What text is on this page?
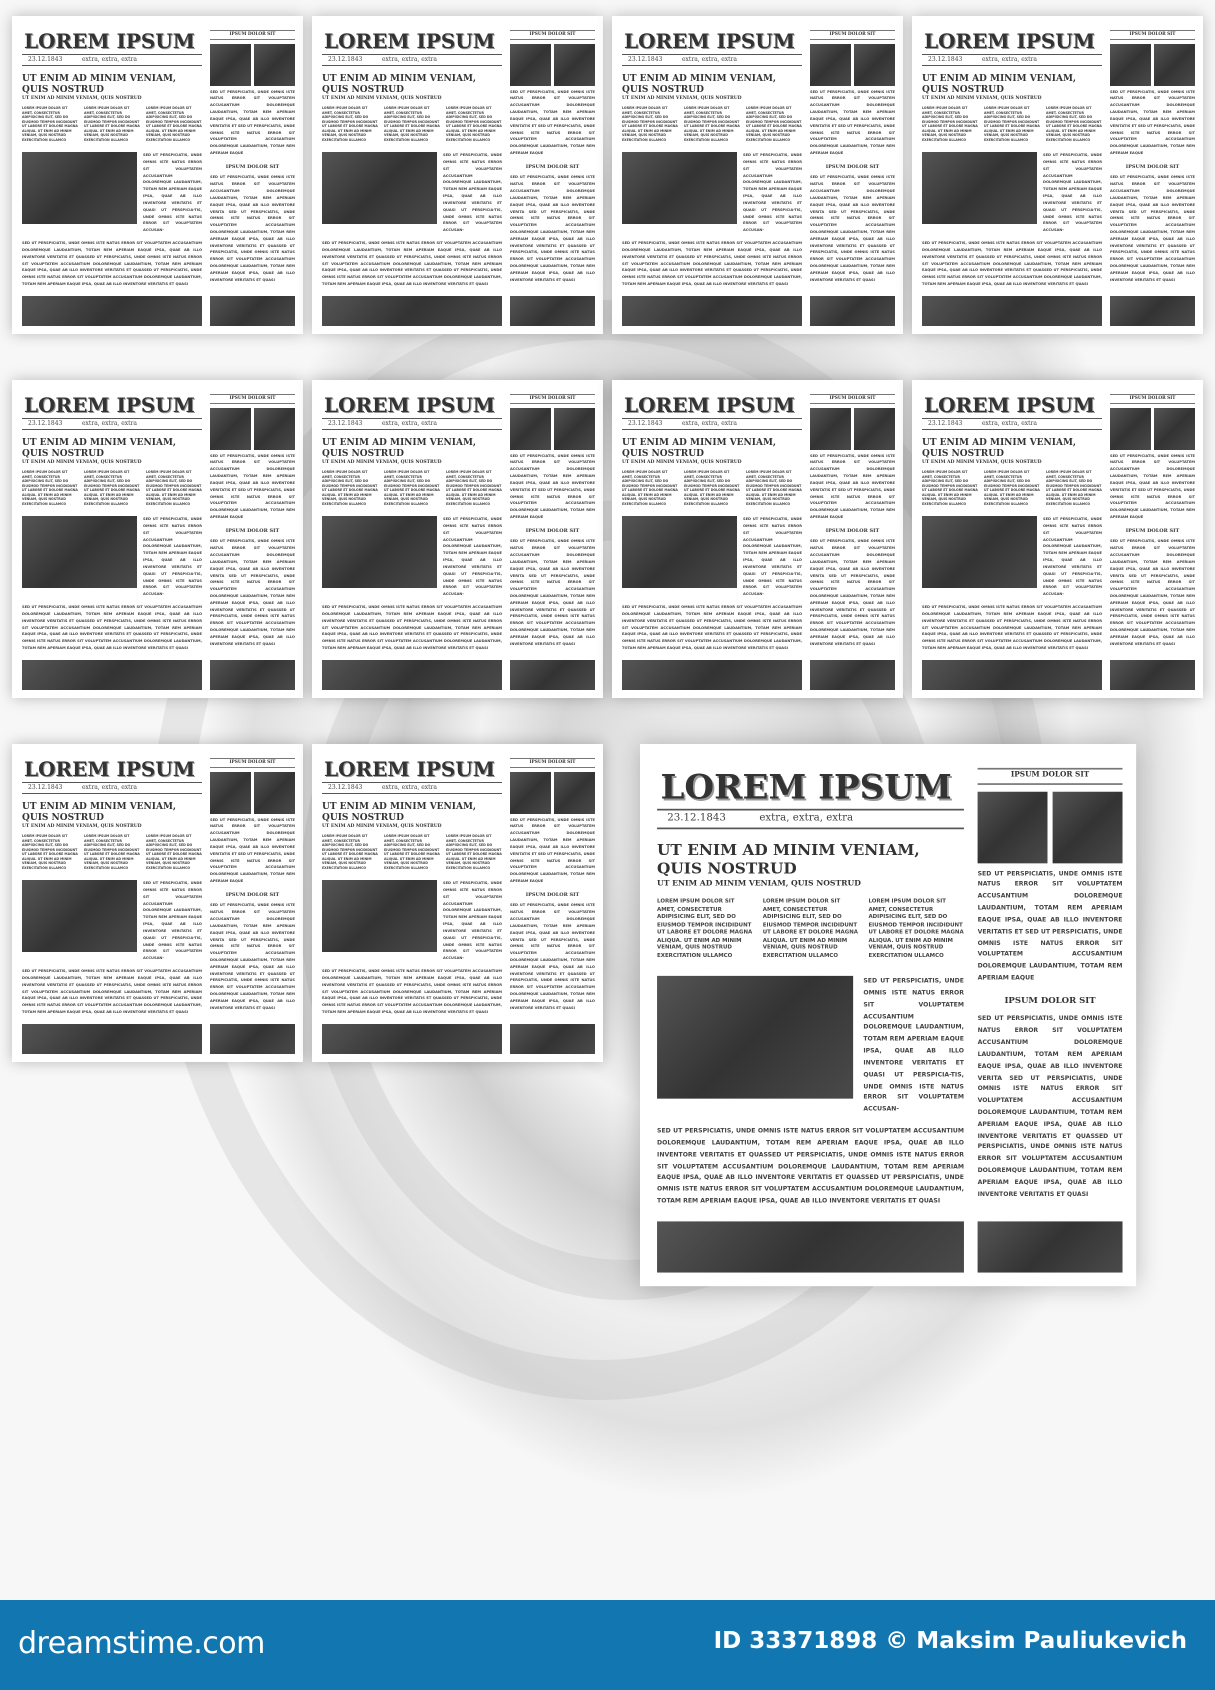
LOREM IPSUM
23.12.1843	extra, extra, extra
UT ENIM AD MINIM VENIAM, QUIS NOSTRUD
UT ENIM AD MINIM VENIAM, QUIS NOSTRUD

LOREM IPSUM DOLOR SIT AMET, CONSECTETUR ADIPISICING ELIT, SED DO EIUSMOD TEMPOR INCIDIDUNT UT LABORE ET DOLORE MAGNA ALIQUA. UT ENIM AD MINIM VENIAM, QUIS NOSTRUD EXERCITATION ULLAMCO

LOREM IPSUM DOLOR SIT AMET, CONSECTETUR ADIPISICING ELIT, SED DO EIUSMOD TEMPOR INCIDIDUNT UT LABORE ET DOLORE MAGNA ALIQUA. UT ENIM AD MINIM VENIAM, QUIS NOSTRUD EXERCITATION ULLAMCO

LOREM IPSUM DOLOR SIT AMET, CONSECTETUR ADIPISICING ELIT, SED DO EIUSMOD TEMPOR INCIDIDUNT UT LABORE ET DOLORE MAGNA ALIQUA. UT ENIM AD MINIM VENIAM, QUIS NOSTRUD EXERCITATION ULLAMCO

SED UT PERSPICIATIS, UNDE OMNIS ISTE NATUS ERROR SIT VOLUPTATEM ACCUSANTIUM DOLOREMQUE LAUDANTIUM, TOTAM REM APERIAM EAQUE IPSA, QUAE AB ILLO INVENTORE VERITATIS ET QUASI UT PERSPICIA-TIS, UNDE OMNIS ISTE NATUS ERROR SIT VOLUPTATEM ACCUSAN-
SED UT PERSPICIATIS, UNDE OMNIS ISTE NATUS ERROR SIT VOLUPTATEM ACCUSANTIUM DOLOREMQUE LAUDANTIUM, TOTAM REM APERIAM EAQUE IPSA, QUAE AB ILLO INVENTORE VERITATIS ET QUASSED UT PERSPICIATIS, UNDE OMNIS ISTE NATUS ERROR SIT VOLUPTATEM ACCUSANTIUM DOLOREMQUE LAUDANTIUM, TOTAM REM APERIAM EAQUE IPSA, QUAE AB ILLO INVENTORE VERITATIS ET QUASSED UT PERSPICIATIS, UNDE OMNIS ISTE NATUS ERROR SIT VOLUPTATEM ACCUSANTIUM DOLOREMQUE LAUDANTIUM, TOTAM REM APERIAM EAQUE IPSA, QUAE AB ILLO INVENTORE VERITATIS ET QUASI
IPSUM DOLOR SIT
SED UT PERSPICIATIS, UNDE OMNIS ISTE NATUS ERROR SIT VOLUPTATEM ACCUSANTIUM DOLOREMQUE LAUDANTIUM, TOTAM REM APERIAM EAQUE IPSA, QUAE AB ILLO INVENTORE VERITATIS ET SED UT PERSPICIATIS, UNDE OMNIS ISTE NATUS ERROR SIT VOLUPTATEM ACCUSANTIUM DOLOREMQUE LAUDANTIUM, TOTAM REM APERIAM EAQUE
IPSUM DOLOR SIT
SED UT PERSPICIATIS, UNDE OMNIS ISTE NATUS ERROR SIT VOLUPTATEM ACCUSANTIUM DOLOREMQUE LAUDANTIUM, TOTAM REM APERIAM EAQUE IPSA, QUAE AB ILLO INVENTORE VERITA SED UT PERSPICIATIS, UNDE OMNIS ISTE NATUS ERROR SIT VOLUPTATEM ACCUSANTIUM DOLOREMQUE LAUDANTIUM, TOTAM REM APERIAM EAQUE IPSA, QUAE AB ILLO INVENTORE VERITATIS ET QUASSED UT PERSPICIATIS, UNDE OMNIS ISTE NATUS ERROR SIT VOLUPTATEM ACCUSANTIUM DOLOREMQUE LAUDANTIUM, TOTAM REM APERIAM EAQUE IPSA, QUAE AB ILLO INVENTORE VERITATIS ET QUASI
LOREM IPSUM
23.12.1843	extra, extra, extra
UT ENIM AD MINIM VENIAM, QUIS NOSTRUD
UT ENIM AD MINIM VENIAM, QUIS NOSTRUD

LOREM IPSUM DOLOR SIT AMET, CONSECTETUR ADIPISICING ELIT, SED DO EIUSMOD TEMPOR INCIDIDUNT UT LABORE ET DOLORE MAGNA ALIQUA. UT ENIM AD MINIM VENIAM, QUIS NOSTRUD EXERCITATION ULLAMCO

LOREM IPSUM DOLOR SIT AMET, CONSECTETUR ADIPISICING ELIT, SED DO EIUSMOD TEMPOR INCIDIDUNT UT LABORE ET DOLORE MAGNA ALIQUA. UT ENIM AD MINIM VENIAM, QUIS NOSTRUD EXERCITATION ULLAMCO

LOREM IPSUM DOLOR SIT AMET, CONSECTETUR ADIPISICING ELIT, SED DO EIUSMOD TEMPOR INCIDIDUNT UT LABORE ET DOLORE MAGNA ALIQUA. UT ENIM AD MINIM VENIAM, QUIS NOSTRUD EXERCITATION ULLAMCO

SED UT PERSPICIATIS, UNDE OMNIS ISTE NATUS ERROR SIT VOLUPTATEM ACCUSANTIUM DOLOREMQUE LAUDANTIUM, TOTAM REM APERIAM EAQUE IPSA, QUAE AB ILLO INVENTORE VERITATIS ET QUASI UT PERSPICIA-TIS, UNDE OMNIS ISTE NATUS ERROR SIT VOLUPTATEM ACCUSAN-
SED UT PERSPICIATIS, UNDE OMNIS ISTE NATUS ERROR SIT VOLUPTATEM ACCUSANTIUM DOLOREMQUE LAUDANTIUM, TOTAM REM APERIAM EAQUE IPSA, QUAE AB ILLO INVENTORE VERITATIS ET QUASSED UT PERSPICIATIS, UNDE OMNIS ISTE NATUS ERROR SIT VOLUPTATEM ACCUSANTIUM DOLOREMQUE LAUDANTIUM, TOTAM REM APERIAM EAQUE IPSA, QUAE AB ILLO INVENTORE VERITATIS ET QUASSED UT PERSPICIATIS, UNDE OMNIS ISTE NATUS ERROR SIT VOLUPTATEM ACCUSANTIUM DOLOREMQUE LAUDANTIUM, TOTAM REM APERIAM EAQUE IPSA, QUAE AB ILLO INVENTORE VERITATIS ET QUASI
IPSUM DOLOR SIT
SED UT PERSPICIATIS, UNDE OMNIS ISTE NATUS ERROR SIT VOLUPTATEM ACCUSANTIUM DOLOREMQUE LAUDANTIUM, TOTAM REM APERIAM EAQUE IPSA, QUAE AB ILLO INVENTORE VERITATIS ET SED UT PERSPICIATIS, UNDE OMNIS ISTE NATUS ERROR SIT VOLUPTATEM ACCUSANTIUM DOLOREMQUE LAUDANTIUM, TOTAM REM APERIAM EAQUE
IPSUM DOLOR SIT
SED UT PERSPICIATIS, UNDE OMNIS ISTE NATUS ERROR SIT VOLUPTATEM ACCUSANTIUM DOLOREMQUE LAUDANTIUM, TOTAM REM APERIAM EAQUE IPSA, QUAE AB ILLO INVENTORE VERITA SED UT PERSPICIATIS, UNDE OMNIS ISTE NATUS ERROR SIT VOLUPTATEM ACCUSANTIUM DOLOREMQUE LAUDANTIUM, TOTAM REM APERIAM EAQUE IPSA, QUAE AB ILLO INVENTORE VERITATIS ET QUASSED UT PERSPICIATIS, UNDE OMNIS ISTE NATUS ERROR SIT VOLUPTATEM ACCUSANTIUM DOLOREMQUE LAUDANTIUM, TOTAM REM APERIAM EAQUE IPSA, QUAE AB ILLO INVENTORE VERITATIS ET QUASI
LOREM IPSUM
23.12.1843	extra, extra, extra
UT ENIM AD MINIM VENIAM, QUIS NOSTRUD
UT ENIM AD MINIM VENIAM, QUIS NOSTRUD

LOREM IPSUM DOLOR SIT AMET, CONSECTETUR ADIPISICING ELIT, SED DO EIUSMOD TEMPOR INCIDIDUNT UT LABORE ET DOLORE MAGNA ALIQUA. UT ENIM AD MINIM VENIAM, QUIS NOSTRUD EXERCITATION ULLAMCO

LOREM IPSUM DOLOR SIT AMET, CONSECTETUR ADIPISICING ELIT, SED DO EIUSMOD TEMPOR INCIDIDUNT UT LABORE ET DOLORE MAGNA ALIQUA. UT ENIM AD MINIM VENIAM, QUIS NOSTRUD EXERCITATION ULLAMCO

LOREM IPSUM DOLOR SIT AMET, CONSECTETUR ADIPISICING ELIT, SED DO EIUSMOD TEMPOR INCIDIDUNT UT LABORE ET DOLORE MAGNA ALIQUA. UT ENIM AD MINIM VENIAM, QUIS NOSTRUD EXERCITATION ULLAMCO

SED UT PERSPICIATIS, UNDE OMNIS ISTE NATUS ERROR SIT VOLUPTATEM ACCUSANTIUM DOLOREMQUE LAUDANTIUM, TOTAM REM APERIAM EAQUE IPSA, QUAE AB ILLO INVENTORE VERITATIS ET QUASI UT PERSPICIA-TIS, UNDE OMNIS ISTE NATUS ERROR SIT VOLUPTATEM ACCUSAN-
SED UT PERSPICIATIS, UNDE OMNIS ISTE NATUS ERROR SIT VOLUPTATEM ACCUSANTIUM DOLOREMQUE LAUDANTIUM, TOTAM REM APERIAM EAQUE IPSA, QUAE AB ILLO INVENTORE VERITATIS ET QUASSED UT PERSPICIATIS, UNDE OMNIS ISTE NATUS ERROR SIT VOLUPTATEM ACCUSANTIUM DOLOREMQUE LAUDANTIUM, TOTAM REM APERIAM EAQUE IPSA, QUAE AB ILLO INVENTORE VERITATIS ET QUASSED UT PERSPICIATIS, UNDE OMNIS ISTE NATUS ERROR SIT VOLUPTATEM ACCUSANTIUM DOLOREMQUE LAUDANTIUM, TOTAM REM APERIAM EAQUE IPSA, QUAE AB ILLO INVENTORE VERITATIS ET QUASI
IPSUM DOLOR SIT
SED UT PERSPICIATIS, UNDE OMNIS ISTE NATUS ERROR SIT VOLUPTATEM ACCUSANTIUM DOLOREMQUE LAUDANTIUM, TOTAM REM APERIAM EAQUE IPSA, QUAE AB ILLO INVENTORE VERITATIS ET SED UT PERSPICIATIS, UNDE OMNIS ISTE NATUS ERROR SIT VOLUPTATEM ACCUSANTIUM DOLOREMQUE LAUDANTIUM, TOTAM REM APERIAM EAQUE
IPSUM DOLOR SIT
SED UT PERSPICIATIS, UNDE OMNIS ISTE NATUS ERROR SIT VOLUPTATEM ACCUSANTIUM DOLOREMQUE LAUDANTIUM, TOTAM REM APERIAM EAQUE IPSA, QUAE AB ILLO INVENTORE VERITA SED UT PERSPICIATIS, UNDE OMNIS ISTE NATUS ERROR SIT VOLUPTATEM ACCUSANTIUM DOLOREMQUE LAUDANTIUM, TOTAM REM APERIAM EAQUE IPSA, QUAE AB ILLO INVENTORE VERITATIS ET QUASSED UT PERSPICIATIS, UNDE OMNIS ISTE NATUS ERROR SIT VOLUPTATEM ACCUSANTIUM DOLOREMQUE LAUDANTIUM, TOTAM REM APERIAM EAQUE IPSA, QUAE AB ILLO INVENTORE VERITATIS ET QUASI
LOREM IPSUM
23.12.1843	extra, extra, extra
UT ENIM AD MINIM VENIAM, QUIS NOSTRUD
UT ENIM AD MINIM VENIAM, QUIS NOSTRUD

LOREM IPSUM DOLOR SIT AMET, CONSECTETUR ADIPISICING ELIT, SED DO EIUSMOD TEMPOR INCIDIDUNT UT LABORE ET DOLORE MAGNA ALIQUA. UT ENIM AD MINIM VENIAM, QUIS NOSTRUD EXERCITATION ULLAMCO

LOREM IPSUM DOLOR SIT AMET, CONSECTETUR ADIPISICING ELIT, SED DO EIUSMOD TEMPOR INCIDIDUNT UT LABORE ET DOLORE MAGNA ALIQUA. UT ENIM AD MINIM VENIAM, QUIS NOSTRUD EXERCITATION ULLAMCO

LOREM IPSUM DOLOR SIT AMET, CONSECTETUR ADIPISICING ELIT, SED DO EIUSMOD TEMPOR INCIDIDUNT UT LABORE ET DOLORE MAGNA ALIQUA. UT ENIM AD MINIM VENIAM, QUIS NOSTRUD EXERCITATION ULLAMCO

SED UT PERSPICIATIS, UNDE OMNIS ISTE NATUS ERROR SIT VOLUPTATEM ACCUSANTIUM DOLOREMQUE LAUDANTIUM, TOTAM REM APERIAM EAQUE IPSA, QUAE AB ILLO INVENTORE VERITATIS ET QUASI UT PERSPICIA-TIS, UNDE OMNIS ISTE NATUS ERROR SIT VOLUPTATEM ACCUSAN-
SED UT PERSPICIATIS, UNDE OMNIS ISTE NATUS ERROR SIT VOLUPTATEM ACCUSANTIUM DOLOREMQUE LAUDANTIUM, TOTAM REM APERIAM EAQUE IPSA, QUAE AB ILLO INVENTORE VERITATIS ET QUASSED UT PERSPICIATIS, UNDE OMNIS ISTE NATUS ERROR SIT VOLUPTATEM ACCUSANTIUM DOLOREMQUE LAUDANTIUM, TOTAM REM APERIAM EAQUE IPSA, QUAE AB ILLO INVENTORE VERITATIS ET QUASSED UT PERSPICIATIS, UNDE OMNIS ISTE NATUS ERROR SIT VOLUPTATEM ACCUSANTIUM DOLOREMQUE LAUDANTIUM, TOTAM REM APERIAM EAQUE IPSA, QUAE AB ILLO INVENTORE VERITATIS ET QUASI
IPSUM DOLOR SIT
SED UT PERSPICIATIS, UNDE OMNIS ISTE NATUS ERROR SIT VOLUPTATEM ACCUSANTIUM DOLOREMQUE LAUDANTIUM, TOTAM REM APERIAM EAQUE IPSA, QUAE AB ILLO INVENTORE VERITATIS ET SED UT PERSPICIATIS, UNDE OMNIS ISTE NATUS ERROR SIT VOLUPTATEM ACCUSANTIUM DOLOREMQUE LAUDANTIUM, TOTAM REM APERIAM EAQUE
IPSUM DOLOR SIT
SED UT PERSPICIATIS, UNDE OMNIS ISTE NATUS ERROR SIT VOLUPTATEM ACCUSANTIUM DOLOREMQUE LAUDANTIUM, TOTAM REM APERIAM EAQUE IPSA, QUAE AB ILLO INVENTORE VERITA SED UT PERSPICIATIS, UNDE OMNIS ISTE NATUS ERROR SIT VOLUPTATEM ACCUSANTIUM DOLOREMQUE LAUDANTIUM, TOTAM REM APERIAM EAQUE IPSA, QUAE AB ILLO INVENTORE VERITATIS ET QUASSED UT PERSPICIATIS, UNDE OMNIS ISTE NATUS ERROR SIT VOLUPTATEM ACCUSANTIUM DOLOREMQUE LAUDANTIUM, TOTAM REM APERIAM EAQUE IPSA, QUAE AB ILLO INVENTORE VERITATIS ET QUASI
LOREM IPSUM
23.12.1843	extra, extra, extra
UT ENIM AD MINIM VENIAM, QUIS NOSTRUD
UT ENIM AD MINIM VENIAM, QUIS NOSTRUD

LOREM IPSUM DOLOR SIT AMET, CONSECTETUR ADIPISICING ELIT, SED DO EIUSMOD TEMPOR INCIDIDUNT UT LABORE ET DOLORE MAGNA ALIQUA. UT ENIM AD MINIM VENIAM, QUIS NOSTRUD EXERCITATION ULLAMCO

LOREM IPSUM DOLOR SIT AMET, CONSECTETUR ADIPISICING ELIT, SED DO EIUSMOD TEMPOR INCIDIDUNT UT LABORE ET DOLORE MAGNA ALIQUA. UT ENIM AD MINIM VENIAM, QUIS NOSTRUD EXERCITATION ULLAMCO

LOREM IPSUM DOLOR SIT AMET, CONSECTETUR ADIPISICING ELIT, SED DO EIUSMOD TEMPOR INCIDIDUNT UT LABORE ET DOLORE MAGNA ALIQUA. UT ENIM AD MINIM VENIAM, QUIS NOSTRUD EXERCITATION ULLAMCO

SED UT PERSPICIATIS, UNDE OMNIS ISTE NATUS ERROR SIT VOLUPTATEM ACCUSANTIUM DOLOREMQUE LAUDANTIUM, TOTAM REM APERIAM EAQUE IPSA, QUAE AB ILLO INVENTORE VERITATIS ET QUASI UT PERSPICIA-TIS, UNDE OMNIS ISTE NATUS ERROR SIT VOLUPTATEM ACCUSAN-
SED UT PERSPICIATIS, UNDE OMNIS ISTE NATUS ERROR SIT VOLUPTATEM ACCUSANTIUM DOLOREMQUE LAUDANTIUM, TOTAM REM APERIAM EAQUE IPSA, QUAE AB ILLO INVENTORE VERITATIS ET QUASSED UT PERSPICIATIS, UNDE OMNIS ISTE NATUS ERROR SIT VOLUPTATEM ACCUSANTIUM DOLOREMQUE LAUDANTIUM, TOTAM REM APERIAM EAQUE IPSA, QUAE AB ILLO INVENTORE VERITATIS ET QUASSED UT PERSPICIATIS, UNDE OMNIS ISTE NATUS ERROR SIT VOLUPTATEM ACCUSANTIUM DOLOREMQUE LAUDANTIUM, TOTAM REM APERIAM EAQUE IPSA, QUAE AB ILLO INVENTORE VERITATIS ET QUASI
IPSUM DOLOR SIT
SED UT PERSPICIATIS, UNDE OMNIS ISTE NATUS ERROR SIT VOLUPTATEM ACCUSANTIUM DOLOREMQUE LAUDANTIUM, TOTAM REM APERIAM EAQUE IPSA, QUAE AB ILLO INVENTORE VERITATIS ET SED UT PERSPICIATIS, UNDE OMNIS ISTE NATUS ERROR SIT VOLUPTATEM ACCUSANTIUM DOLOREMQUE LAUDANTIUM, TOTAM REM APERIAM EAQUE
IPSUM DOLOR SIT
SED UT PERSPICIATIS, UNDE OMNIS ISTE NATUS ERROR SIT VOLUPTATEM ACCUSANTIUM DOLOREMQUE LAUDANTIUM, TOTAM REM APERIAM EAQUE IPSA, QUAE AB ILLO INVENTORE VERITA SED UT PERSPICIATIS, UNDE OMNIS ISTE NATUS ERROR SIT VOLUPTATEM ACCUSANTIUM DOLOREMQUE LAUDANTIUM, TOTAM REM APERIAM EAQUE IPSA, QUAE AB ILLO INVENTORE VERITATIS ET QUASSED UT PERSPICIATIS, UNDE OMNIS ISTE NATUS ERROR SIT VOLUPTATEM ACCUSANTIUM DOLOREMQUE LAUDANTIUM, TOTAM REM APERIAM EAQUE IPSA, QUAE AB ILLO INVENTORE VERITATIS ET QUASI
LOREM IPSUM
23.12.1843	extra, extra, extra
UT ENIM AD MINIM VENIAM, QUIS NOSTRUD
UT ENIM AD MINIM VENIAM, QUIS NOSTRUD

LOREM IPSUM DOLOR SIT AMET, CONSECTETUR ADIPISICING ELIT, SED DO EIUSMOD TEMPOR INCIDIDUNT UT LABORE ET DOLORE MAGNA ALIQUA. UT ENIM AD MINIM VENIAM, QUIS NOSTRUD EXERCITATION ULLAMCO

LOREM IPSUM DOLOR SIT AMET, CONSECTETUR ADIPISICING ELIT, SED DO EIUSMOD TEMPOR INCIDIDUNT UT LABORE ET DOLORE MAGNA ALIQUA. UT ENIM AD MINIM VENIAM, QUIS NOSTRUD EXERCITATION ULLAMCO

LOREM IPSUM DOLOR SIT AMET, CONSECTETUR ADIPISICING ELIT, SED DO EIUSMOD TEMPOR INCIDIDUNT UT LABORE ET DOLORE MAGNA ALIQUA. UT ENIM AD MINIM VENIAM, QUIS NOSTRUD EXERCITATION ULLAMCO

SED UT PERSPICIATIS, UNDE OMNIS ISTE NATUS ERROR SIT VOLUPTATEM ACCUSANTIUM DOLOREMQUE LAUDANTIUM, TOTAM REM APERIAM EAQUE IPSA, QUAE AB ILLO INVENTORE VERITATIS ET QUASI UT PERSPICIA-TIS, UNDE OMNIS ISTE NATUS ERROR SIT VOLUPTATEM ACCUSAN-
SED UT PERSPICIATIS, UNDE OMNIS ISTE NATUS ERROR SIT VOLUPTATEM ACCUSANTIUM DOLOREMQUE LAUDANTIUM, TOTAM REM APERIAM EAQUE IPSA, QUAE AB ILLO INVENTORE VERITATIS ET QUASSED UT PERSPICIATIS, UNDE OMNIS ISTE NATUS ERROR SIT VOLUPTATEM ACCUSANTIUM DOLOREMQUE LAUDANTIUM, TOTAM REM APERIAM EAQUE IPSA, QUAE AB ILLO INVENTORE VERITATIS ET QUASSED UT PERSPICIATIS, UNDE OMNIS ISTE NATUS ERROR SIT VOLUPTATEM ACCUSANTIUM DOLOREMQUE LAUDANTIUM, TOTAM REM APERIAM EAQUE IPSA, QUAE AB ILLO INVENTORE VERITATIS ET QUASI
IPSUM DOLOR SIT
SED UT PERSPICIATIS, UNDE OMNIS ISTE NATUS ERROR SIT VOLUPTATEM ACCUSANTIUM DOLOREMQUE LAUDANTIUM, TOTAM REM APERIAM EAQUE IPSA, QUAE AB ILLO INVENTORE VERITATIS ET SED UT PERSPICIATIS, UNDE OMNIS ISTE NATUS ERROR SIT VOLUPTATEM ACCUSANTIUM DOLOREMQUE LAUDANTIUM, TOTAM REM APERIAM EAQUE
IPSUM DOLOR SIT
SED UT PERSPICIATIS, UNDE OMNIS ISTE NATUS ERROR SIT VOLUPTATEM ACCUSANTIUM DOLOREMQUE LAUDANTIUM, TOTAM REM APERIAM EAQUE IPSA, QUAE AB ILLO INVENTORE VERITA SED UT PERSPICIATIS, UNDE OMNIS ISTE NATUS ERROR SIT VOLUPTATEM ACCUSANTIUM DOLOREMQUE LAUDANTIUM, TOTAM REM APERIAM EAQUE IPSA, QUAE AB ILLO INVENTORE VERITATIS ET QUASSED UT PERSPICIATIS, UNDE OMNIS ISTE NATUS ERROR SIT VOLUPTATEM ACCUSANTIUM DOLOREMQUE LAUDANTIUM, TOTAM REM APERIAM EAQUE IPSA, QUAE AB ILLO INVENTORE VERITATIS ET QUASI
LOREM IPSUM
23.12.1843	extra, extra, extra
UT ENIM AD MINIM VENIAM, QUIS NOSTRUD
UT ENIM AD MINIM VENIAM, QUIS NOSTRUD

LOREM IPSUM DOLOR SIT AMET, CONSECTETUR ADIPISICING ELIT, SED DO EIUSMOD TEMPOR INCIDIDUNT UT LABORE ET DOLORE MAGNA ALIQUA. UT ENIM AD MINIM VENIAM, QUIS NOSTRUD EXERCITATION ULLAMCO

LOREM IPSUM DOLOR SIT AMET, CONSECTETUR ADIPISICING ELIT, SED DO EIUSMOD TEMPOR INCIDIDUNT UT LABORE ET DOLORE MAGNA ALIQUA. UT ENIM AD MINIM VENIAM, QUIS NOSTRUD EXERCITATION ULLAMCO

LOREM IPSUM DOLOR SIT AMET, CONSECTETUR ADIPISICING ELIT, SED DO EIUSMOD TEMPOR INCIDIDUNT UT LABORE ET DOLORE MAGNA ALIQUA. UT ENIM AD MINIM VENIAM, QUIS NOSTRUD EXERCITATION ULLAMCO

SED UT PERSPICIATIS, UNDE OMNIS ISTE NATUS ERROR SIT VOLUPTATEM ACCUSANTIUM DOLOREMQUE LAUDANTIUM, TOTAM REM APERIAM EAQUE IPSA, QUAE AB ILLO INVENTORE VERITATIS ET QUASI UT PERSPICIA-TIS, UNDE OMNIS ISTE NATUS ERROR SIT VOLUPTATEM ACCUSAN-
SED UT PERSPICIATIS, UNDE OMNIS ISTE NATUS ERROR SIT VOLUPTATEM ACCUSANTIUM DOLOREMQUE LAUDANTIUM, TOTAM REM APERIAM EAQUE IPSA, QUAE AB ILLO INVENTORE VERITATIS ET QUASSED UT PERSPICIATIS, UNDE OMNIS ISTE NATUS ERROR SIT VOLUPTATEM ACCUSANTIUM DOLOREMQUE LAUDANTIUM, TOTAM REM APERIAM EAQUE IPSA, QUAE AB ILLO INVENTORE VERITATIS ET QUASSED UT PERSPICIATIS, UNDE OMNIS ISTE NATUS ERROR SIT VOLUPTATEM ACCUSANTIUM DOLOREMQUE LAUDANTIUM, TOTAM REM APERIAM EAQUE IPSA, QUAE AB ILLO INVENTORE VERITATIS ET QUASI
IPSUM DOLOR SIT
SED UT PERSPICIATIS, UNDE OMNIS ISTE NATUS ERROR SIT VOLUPTATEM ACCUSANTIUM DOLOREMQUE LAUDANTIUM, TOTAM REM APERIAM EAQUE IPSA, QUAE AB ILLO INVENTORE VERITATIS ET SED UT PERSPICIATIS, UNDE OMNIS ISTE NATUS ERROR SIT VOLUPTATEM ACCUSANTIUM DOLOREMQUE LAUDANTIUM, TOTAM REM APERIAM EAQUE
IPSUM DOLOR SIT
SED UT PERSPICIATIS, UNDE OMNIS ISTE NATUS ERROR SIT VOLUPTATEM ACCUSANTIUM DOLOREMQUE LAUDANTIUM, TOTAM REM APERIAM EAQUE IPSA, QUAE AB ILLO INVENTORE VERITA SED UT PERSPICIATIS, UNDE OMNIS ISTE NATUS ERROR SIT VOLUPTATEM ACCUSANTIUM DOLOREMQUE LAUDANTIUM, TOTAM REM APERIAM EAQUE IPSA, QUAE AB ILLO INVENTORE VERITATIS ET QUASSED UT PERSPICIATIS, UNDE OMNIS ISTE NATUS ERROR SIT VOLUPTATEM ACCUSANTIUM DOLOREMQUE LAUDANTIUM, TOTAM REM APERIAM EAQUE IPSA, QUAE AB ILLO INVENTORE VERITATIS ET QUASI
LOREM IPSUM
23.12.1843	extra, extra, extra
UT ENIM AD MINIM VENIAM, QUIS NOSTRUD
UT ENIM AD MINIM VENIAM, QUIS NOSTRUD

LOREM IPSUM DOLOR SIT AMET, CONSECTETUR ADIPISICING ELIT, SED DO EIUSMOD TEMPOR INCIDIDUNT UT LABORE ET DOLORE MAGNA ALIQUA. UT ENIM AD MINIM VENIAM, QUIS NOSTRUD EXERCITATION ULLAMCO

LOREM IPSUM DOLOR SIT AMET, CONSECTETUR ADIPISICING ELIT, SED DO EIUSMOD TEMPOR INCIDIDUNT UT LABORE ET DOLORE MAGNA ALIQUA. UT ENIM AD MINIM VENIAM, QUIS NOSTRUD EXERCITATION ULLAMCO

LOREM IPSUM DOLOR SIT AMET, CONSECTETUR ADIPISICING ELIT, SED DO EIUSMOD TEMPOR INCIDIDUNT UT LABORE ET DOLORE MAGNA ALIQUA. UT ENIM AD MINIM VENIAM, QUIS NOSTRUD EXERCITATION ULLAMCO

SED UT PERSPICIATIS, UNDE OMNIS ISTE NATUS ERROR SIT VOLUPTATEM ACCUSANTIUM DOLOREMQUE LAUDANTIUM, TOTAM REM APERIAM EAQUE IPSA, QUAE AB ILLO INVENTORE VERITATIS ET QUASI UT PERSPICIA-TIS, UNDE OMNIS ISTE NATUS ERROR SIT VOLUPTATEM ACCUSAN-
SED UT PERSPICIATIS, UNDE OMNIS ISTE NATUS ERROR SIT VOLUPTATEM ACCUSANTIUM DOLOREMQUE LAUDANTIUM, TOTAM REM APERIAM EAQUE IPSA, QUAE AB ILLO INVENTORE VERITATIS ET QUASSED UT PERSPICIATIS, UNDE OMNIS ISTE NATUS ERROR SIT VOLUPTATEM ACCUSANTIUM DOLOREMQUE LAUDANTIUM, TOTAM REM APERIAM EAQUE IPSA, QUAE AB ILLO INVENTORE VERITATIS ET QUASSED UT PERSPICIATIS, UNDE OMNIS ISTE NATUS ERROR SIT VOLUPTATEM ACCUSANTIUM DOLOREMQUE LAUDANTIUM, TOTAM REM APERIAM EAQUE IPSA, QUAE AB ILLO INVENTORE VERITATIS ET QUASI
IPSUM DOLOR SIT
SED UT PERSPICIATIS, UNDE OMNIS ISTE NATUS ERROR SIT VOLUPTATEM ACCUSANTIUM DOLOREMQUE LAUDANTIUM, TOTAM REM APERIAM EAQUE IPSA, QUAE AB ILLO INVENTORE VERITATIS ET SED UT PERSPICIATIS, UNDE OMNIS ISTE NATUS ERROR SIT VOLUPTATEM ACCUSANTIUM DOLOREMQUE LAUDANTIUM, TOTAM REM APERIAM EAQUE
IPSUM DOLOR SIT
SED UT PERSPICIATIS, UNDE OMNIS ISTE NATUS ERROR SIT VOLUPTATEM ACCUSANTIUM DOLOREMQUE LAUDANTIUM, TOTAM REM APERIAM EAQUE IPSA, QUAE AB ILLO INVENTORE VERITA SED UT PERSPICIATIS, UNDE OMNIS ISTE NATUS ERROR SIT VOLUPTATEM ACCUSANTIUM DOLOREMQUE LAUDANTIUM, TOTAM REM APERIAM EAQUE IPSA, QUAE AB ILLO INVENTORE VERITATIS ET QUASSED UT PERSPICIATIS, UNDE OMNIS ISTE NATUS ERROR SIT VOLUPTATEM ACCUSANTIUM DOLOREMQUE LAUDANTIUM, TOTAM REM APERIAM EAQUE IPSA, QUAE AB ILLO INVENTORE VERITATIS ET QUASI
LOREM IPSUM
23.12.1843	extra, extra, extra
UT ENIM AD MINIM VENIAM, QUIS NOSTRUD
UT ENIM AD MINIM VENIAM, QUIS NOSTRUD

LOREM IPSUM DOLOR SIT AMET, CONSECTETUR ADIPISICING ELIT, SED DO EIUSMOD TEMPOR INCIDIDUNT UT LABORE ET DOLORE MAGNA ALIQUA. UT ENIM AD MINIM VENIAM, QUIS NOSTRUD EXERCITATION ULLAMCO

LOREM IPSUM DOLOR SIT AMET, CONSECTETUR ADIPISICING ELIT, SED DO EIUSMOD TEMPOR INCIDIDUNT UT LABORE ET DOLORE MAGNA ALIQUA. UT ENIM AD MINIM VENIAM, QUIS NOSTRUD EXERCITATION ULLAMCO

LOREM IPSUM DOLOR SIT AMET, CONSECTETUR ADIPISICING ELIT, SED DO EIUSMOD TEMPOR INCIDIDUNT UT LABORE ET DOLORE MAGNA ALIQUA. UT ENIM AD MINIM VENIAM, QUIS NOSTRUD EXERCITATION ULLAMCO

SED UT PERSPICIATIS, UNDE OMNIS ISTE NATUS ERROR SIT VOLUPTATEM ACCUSANTIUM DOLOREMQUE LAUDANTIUM, TOTAM REM APERIAM EAQUE IPSA, QUAE AB ILLO INVENTORE VERITATIS ET QUASI UT PERSPICIA-TIS, UNDE OMNIS ISTE NATUS ERROR SIT VOLUPTATEM ACCUSAN-
SED UT PERSPICIATIS, UNDE OMNIS ISTE NATUS ERROR SIT VOLUPTATEM ACCUSANTIUM DOLOREMQUE LAUDANTIUM, TOTAM REM APERIAM EAQUE IPSA, QUAE AB ILLO INVENTORE VERITATIS ET QUASSED UT PERSPICIATIS, UNDE OMNIS ISTE NATUS ERROR SIT VOLUPTATEM ACCUSANTIUM DOLOREMQUE LAUDANTIUM, TOTAM REM APERIAM EAQUE IPSA, QUAE AB ILLO INVENTORE VERITATIS ET QUASSED UT PERSPICIATIS, UNDE OMNIS ISTE NATUS ERROR SIT VOLUPTATEM ACCUSANTIUM DOLOREMQUE LAUDANTIUM, TOTAM REM APERIAM EAQUE IPSA, QUAE AB ILLO INVENTORE VERITATIS ET QUASI
IPSUM DOLOR SIT
SED UT PERSPICIATIS, UNDE OMNIS ISTE NATUS ERROR SIT VOLUPTATEM ACCUSANTIUM DOLOREMQUE LAUDANTIUM, TOTAM REM APERIAM EAQUE IPSA, QUAE AB ILLO INVENTORE VERITATIS ET SED UT PERSPICIATIS, UNDE OMNIS ISTE NATUS ERROR SIT VOLUPTATEM ACCUSANTIUM DOLOREMQUE LAUDANTIUM, TOTAM REM APERIAM EAQUE
IPSUM DOLOR SIT
SED UT PERSPICIATIS, UNDE OMNIS ISTE NATUS ERROR SIT VOLUPTATEM ACCUSANTIUM DOLOREMQUE LAUDANTIUM, TOTAM REM APERIAM EAQUE IPSA, QUAE AB ILLO INVENTORE VERITA SED UT PERSPICIATIS, UNDE OMNIS ISTE NATUS ERROR SIT VOLUPTATEM ACCUSANTIUM DOLOREMQUE LAUDANTIUM, TOTAM REM APERIAM EAQUE IPSA, QUAE AB ILLO INVENTORE VERITATIS ET QUASSED UT PERSPICIATIS, UNDE OMNIS ISTE NATUS ERROR SIT VOLUPTATEM ACCUSANTIUM DOLOREMQUE LAUDANTIUM, TOTAM REM APERIAM EAQUE IPSA, QUAE AB ILLO INVENTORE VERITATIS ET QUASI
LOREM IPSUM
23.12.1843	extra, extra, extra
UT ENIM AD MINIM VENIAM, QUIS NOSTRUD
UT ENIM AD MINIM VENIAM, QUIS NOSTRUD

LOREM IPSUM DOLOR SIT AMET, CONSECTETUR ADIPISICING ELIT, SED DO EIUSMOD TEMPOR INCIDIDUNT UT LABORE ET DOLORE MAGNA ALIQUA. UT ENIM AD MINIM VENIAM, QUIS NOSTRUD EXERCITATION ULLAMCO

LOREM IPSUM DOLOR SIT AMET, CONSECTETUR ADIPISICING ELIT, SED DO EIUSMOD TEMPOR INCIDIDUNT UT LABORE ET DOLORE MAGNA ALIQUA. UT ENIM AD MINIM VENIAM, QUIS NOSTRUD EXERCITATION ULLAMCO

LOREM IPSUM DOLOR SIT AMET, CONSECTETUR ADIPISICING ELIT, SED DO EIUSMOD TEMPOR INCIDIDUNT UT LABORE ET DOLORE MAGNA ALIQUA. UT ENIM AD MINIM VENIAM, QUIS NOSTRUD EXERCITATION ULLAMCO

SED UT PERSPICIATIS, UNDE OMNIS ISTE NATUS ERROR SIT VOLUPTATEM ACCUSANTIUM DOLOREMQUE LAUDANTIUM, TOTAM REM APERIAM EAQUE IPSA, QUAE AB ILLO INVENTORE VERITATIS ET QUASI UT PERSPICIA-TIS, UNDE OMNIS ISTE NATUS ERROR SIT VOLUPTATEM ACCUSAN-
SED UT PERSPICIATIS, UNDE OMNIS ISTE NATUS ERROR SIT VOLUPTATEM ACCUSANTIUM DOLOREMQUE LAUDANTIUM, TOTAM REM APERIAM EAQUE IPSA, QUAE AB ILLO INVENTORE VERITATIS ET QUASSED UT PERSPICIATIS, UNDE OMNIS ISTE NATUS ERROR SIT VOLUPTATEM ACCUSANTIUM DOLOREMQUE LAUDANTIUM, TOTAM REM APERIAM EAQUE IPSA, QUAE AB ILLO INVENTORE VERITATIS ET QUASSED UT PERSPICIATIS, UNDE OMNIS ISTE NATUS ERROR SIT VOLUPTATEM ACCUSANTIUM DOLOREMQUE LAUDANTIUM, TOTAM REM APERIAM EAQUE IPSA, QUAE AB ILLO INVENTORE VERITATIS ET QUASI
IPSUM DOLOR SIT
SED UT PERSPICIATIS, UNDE OMNIS ISTE NATUS ERROR SIT VOLUPTATEM ACCUSANTIUM DOLOREMQUE LAUDANTIUM, TOTAM REM APERIAM EAQUE IPSA, QUAE AB ILLO INVENTORE VERITATIS ET SED UT PERSPICIATIS, UNDE OMNIS ISTE NATUS ERROR SIT VOLUPTATEM ACCUSANTIUM DOLOREMQUE LAUDANTIUM, TOTAM REM APERIAM EAQUE
IPSUM DOLOR SIT
SED UT PERSPICIATIS, UNDE OMNIS ISTE NATUS ERROR SIT VOLUPTATEM ACCUSANTIUM DOLOREMQUE LAUDANTIUM, TOTAM REM APERIAM EAQUE IPSA, QUAE AB ILLO INVENTORE VERITA SED UT PERSPICIATIS, UNDE OMNIS ISTE NATUS ERROR SIT VOLUPTATEM ACCUSANTIUM DOLOREMQUE LAUDANTIUM, TOTAM REM APERIAM EAQUE IPSA, QUAE AB ILLO INVENTORE VERITATIS ET QUASSED UT PERSPICIATIS, UNDE OMNIS ISTE NATUS ERROR SIT VOLUPTATEM ACCUSANTIUM DOLOREMQUE LAUDANTIUM, TOTAM REM APERIAM EAQUE IPSA, QUAE AB ILLO INVENTORE VERITATIS ET QUASI
LOREM IPSUM
23.12.1843	extra, extra, extra
UT ENIM AD MINIM VENIAM, QUIS NOSTRUD
UT ENIM AD MINIM VENIAM, QUIS NOSTRUD

LOREM IPSUM DOLOR SIT AMET, CONSECTETUR ADIPISICING ELIT, SED DO EIUSMOD TEMPOR INCIDIDUNT UT LABORE ET DOLORE MAGNA ALIQUA. UT ENIM AD MINIM VENIAM, QUIS NOSTRUD EXERCITATION ULLAMCO

LOREM IPSUM DOLOR SIT AMET, CONSECTETUR ADIPISICING ELIT, SED DO EIUSMOD TEMPOR INCIDIDUNT UT LABORE ET DOLORE MAGNA ALIQUA. UT ENIM AD MINIM VENIAM, QUIS NOSTRUD EXERCITATION ULLAMCO

LOREM IPSUM DOLOR SIT AMET, CONSECTETUR ADIPISICING ELIT, SED DO EIUSMOD TEMPOR INCIDIDUNT UT LABORE ET DOLORE MAGNA ALIQUA. UT ENIM AD MINIM VENIAM, QUIS NOSTRUD EXERCITATION ULLAMCO

SED UT PERSPICIATIS, UNDE OMNIS ISTE NATUS ERROR SIT VOLUPTATEM ACCUSANTIUM DOLOREMQUE LAUDANTIUM, TOTAM REM APERIAM EAQUE IPSA, QUAE AB ILLO INVENTORE VERITATIS ET QUASI UT PERSPICIA-TIS, UNDE OMNIS ISTE NATUS ERROR SIT VOLUPTATEM ACCUSAN-
SED UT PERSPICIATIS, UNDE OMNIS ISTE NATUS ERROR SIT VOLUPTATEM ACCUSANTIUM DOLOREMQUE LAUDANTIUM, TOTAM REM APERIAM EAQUE IPSA, QUAE AB ILLO INVENTORE VERITATIS ET QUASSED UT PERSPICIATIS, UNDE OMNIS ISTE NATUS ERROR SIT VOLUPTATEM ACCUSANTIUM DOLOREMQUE LAUDANTIUM, TOTAM REM APERIAM EAQUE IPSA, QUAE AB ILLO INVENTORE VERITATIS ET QUASSED UT PERSPICIATIS, UNDE OMNIS ISTE NATUS ERROR SIT VOLUPTATEM ACCUSANTIUM DOLOREMQUE LAUDANTIUM, TOTAM REM APERIAM EAQUE IPSA, QUAE AB ILLO INVENTORE VERITATIS ET QUASI
IPSUM DOLOR SIT
SED UT PERSPICIATIS, UNDE OMNIS ISTE NATUS ERROR SIT VOLUPTATEM ACCUSANTIUM DOLOREMQUE LAUDANTIUM, TOTAM REM APERIAM EAQUE IPSA, QUAE AB ILLO INVENTORE VERITATIS ET SED UT PERSPICIATIS, UNDE OMNIS ISTE NATUS ERROR SIT VOLUPTATEM ACCUSANTIUM DOLOREMQUE LAUDANTIUM, TOTAM REM APERIAM EAQUE
IPSUM DOLOR SIT
SED UT PERSPICIATIS, UNDE OMNIS ISTE NATUS ERROR SIT VOLUPTATEM ACCUSANTIUM DOLOREMQUE LAUDANTIUM, TOTAM REM APERIAM EAQUE IPSA, QUAE AB ILLO INVENTORE VERITA SED UT PERSPICIATIS, UNDE OMNIS ISTE NATUS ERROR SIT VOLUPTATEM ACCUSANTIUM DOLOREMQUE LAUDANTIUM, TOTAM REM APERIAM EAQUE IPSA, QUAE AB ILLO INVENTORE VERITATIS ET QUASSED UT PERSPICIATIS, UNDE OMNIS ISTE NATUS ERROR SIT VOLUPTATEM ACCUSANTIUM DOLOREMQUE LAUDANTIUM, TOTAM REM APERIAM EAQUE IPSA, QUAE AB ILLO INVENTORE VERITATIS ET QUASI
dreamstime.com	ID 33371898 © Maksim Pauliukevich
